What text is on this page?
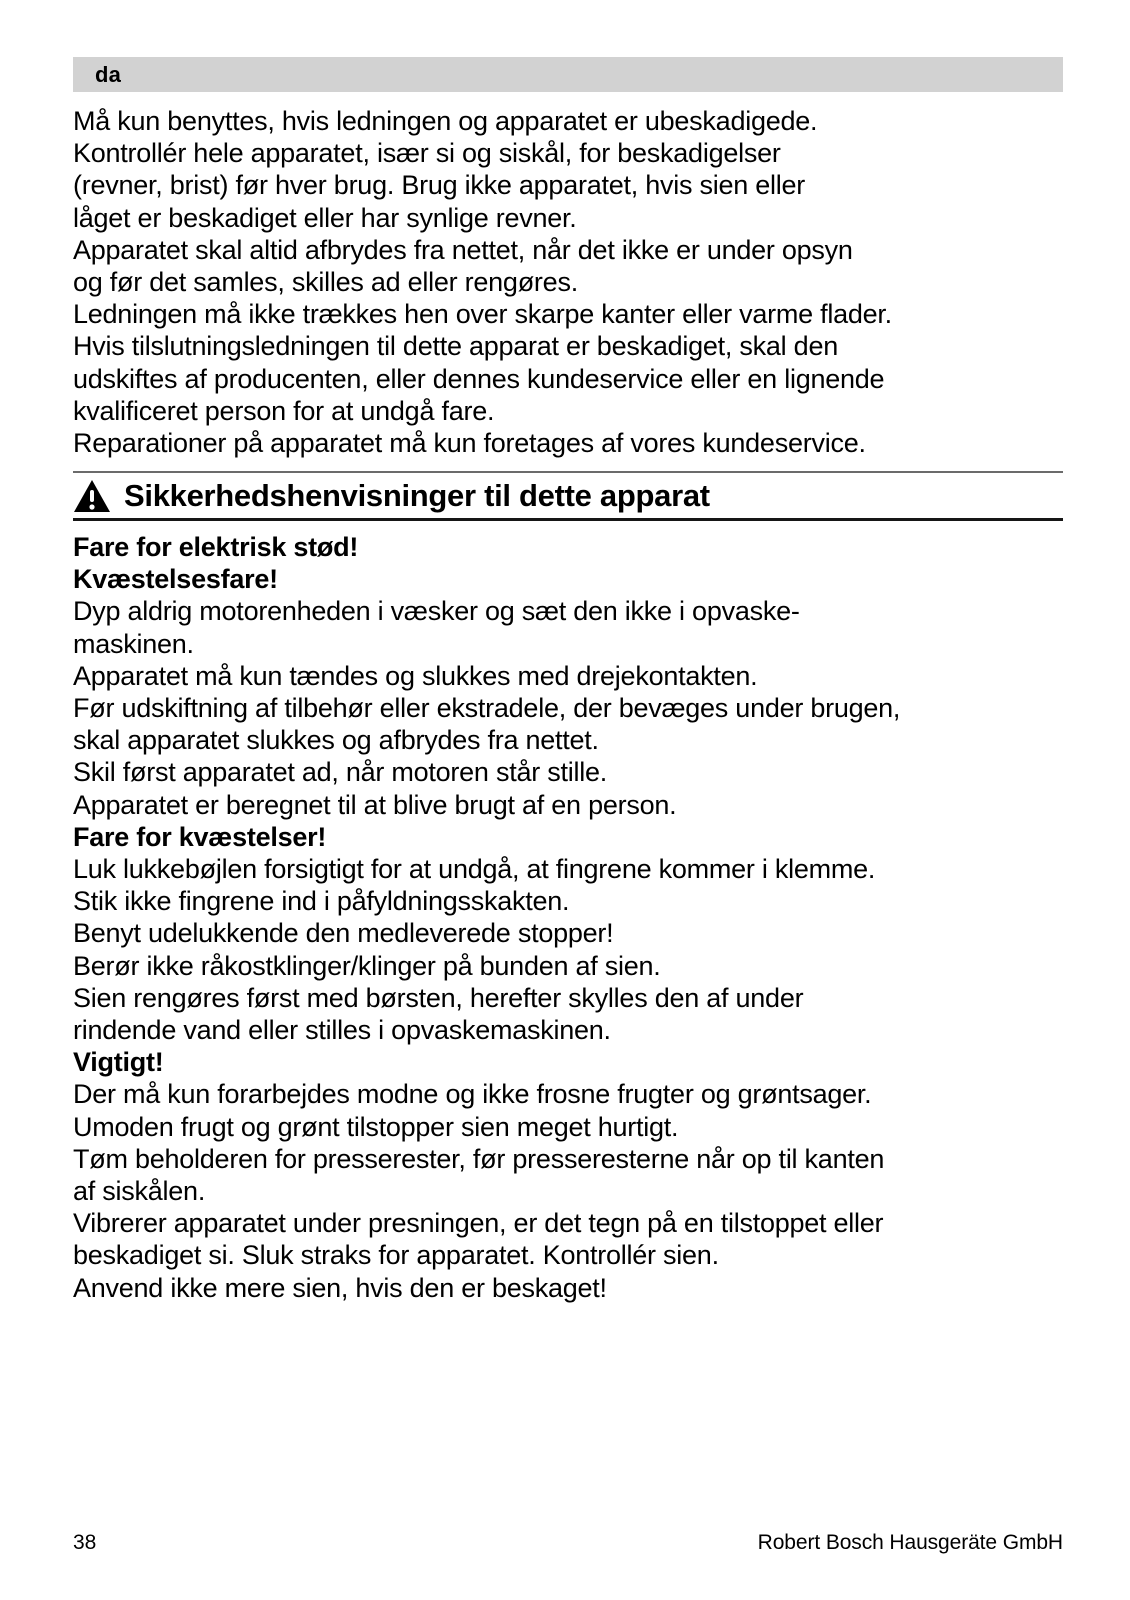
da
Må kun benyttes, hvis ledningen og apparatet er ubeskadigede.
Kontrollér hele apparatet, især si og siskål, for beskadigelser
(revner, brist) før hver brug. Brug ikke apparatet, hvis sien eller
låget er beskadiget eller har synlige revner.
Apparatet skal altid afbrydes fra nettet, når det ikke er under opsyn
og før det samles, skilles ad eller rengøres.
Ledningen må ikke trækkes hen over skarpe kanter eller varme flader.
Hvis tilslutningsledningen til dette apparat er beskadiget, skal den
udskiftes af producenten, eller dennes kundeservice eller en lignende
kvalificeret person for at undgå fare.
Reparationer på apparatet må kun foretages af vores kundeservice.
Sikkerhedshenvisninger til dette apparat
Fare for elektrisk stød!
Kvæstelsesfare!
Dyp aldrig motorenheden i væsker og sæt den ikke i opvaske-
maskinen.
Apparatet må kun tændes og slukkes med drejekontakten.
Før udskiftning af tilbehør eller ekstradele, der bevæges under brugen,
skal apparatet slukkes og afbrydes fra nettet.
Skil først apparatet ad, når motoren står stille.
Apparatet er beregnet til at blive brugt af en person.
Fare for kvæstelser!
Luk lukkebøjlen forsigtigt for at undgå, at fingrene kommer i klemme.
Stik ikke fingrene ind i påfyldningsskakten.
Benyt udelukkende den medleverede stopper!
Berør ikke råkostklinger/klinger på bunden af sien.
Sien rengøres først med børsten, herefter skylles den af under
rindende vand eller stilles i opvaskemaskinen.
Vigtigt!
Der må kun forarbejdes modne og ikke frosne frugter og grøntsager.
Umoden frugt og grønt tilstopper sien meget hurtigt.
Tøm beholderen for presserester, før presseresterne når op til kanten
af siskålen.
Vibrerer apparatet under presningen, er det tegn på en tilstoppet eller
beskadiget si. Sluk straks for apparatet. Kontrollér sien.
Anvend ikke mere sien, hvis den er beskaget!
38	Robert Bosch Hausgeräte GmbH
